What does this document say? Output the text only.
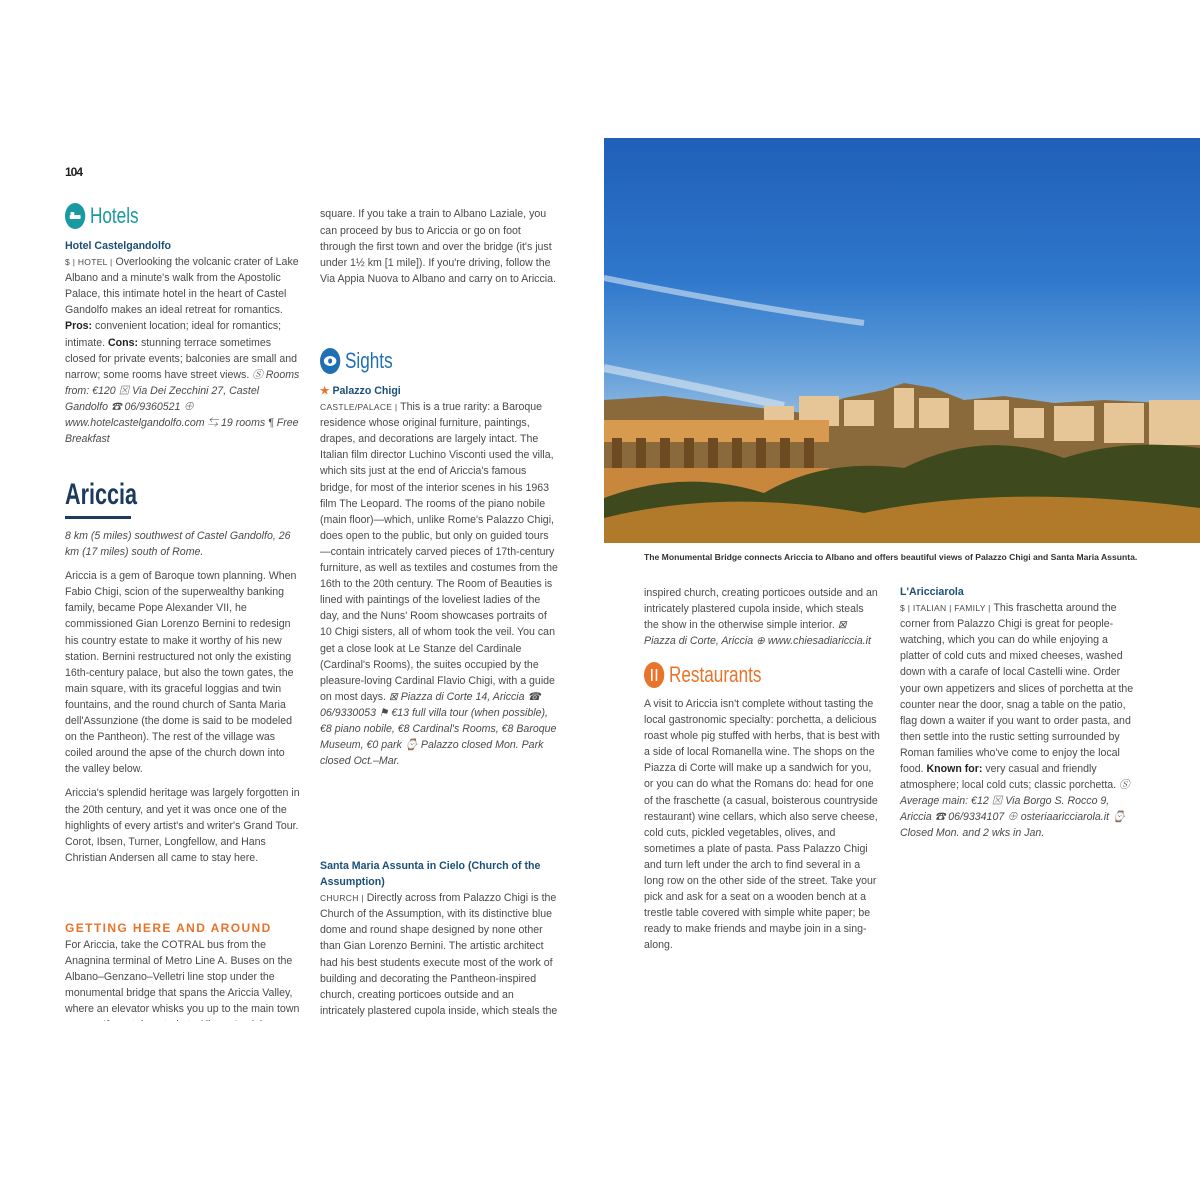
104
Hotels
Hotel Castelgandolfo
$ | HOTEL | Overlooking the volcanic crater of Lake Albano and a minute's walk from the Apostolic Palace, this intimate hotel in the heart of Castel Gandolfo makes an ideal retreat for romantics. Pros: convenient location; ideal for romantics; intimate. Cons: stunning terrace sometimes closed for private events; balconies are small and narrow; some rooms have street views. Ⓢ Rooms from: €120 ⊠ Via Dei Zecchini 27, Castel Gandolfo ☎ 06/9360521 ⊕ www.hotelcastelgandolfo.com ⇆ 19 rooms ¶ Free Breakfast
Ariccia

8 km (5 miles) southwest of Castel Gandolfo, 26 km (17 miles) south of Rome.

Ariccia is a gem of Baroque town planning. When Fabio Chigi, scion of the superwealthy banking family, became Pope Alexander VII, he commissioned Gian Lorenzo Bernini to redesign his country estate to make it worthy of his new station. Bernini restructured not only the existing 16th-century palace, but also the town gates, the main square, with its graceful loggias and twin fountains, and the round church of Santa Maria dell'Assunzione (the dome is said to be modeled on the Pantheon). The rest of the village was coiled around the apse of the church down into the valley below.

Ariccia's splendid heritage was largely forgotten in the 20th century, and yet it was once one of the highlights of every artist's and writer's Grand Tour. Corot, Ibsen, Turner, Longfellow, and Hans Christian Andersen all came to stay here.

GETTING HERE AND AROUND
For Ariccia, take the COTRAL bus from the Anagnina terminal of Metro Line A. Buses on the Albano–Genzano–Velletri line stop under the monumental bridge that spans the Ariccia Valley, where an elevator whisks you up to the main town
square. If you take a train to Albano Laziale, you can proceed by bus to Ariccia or go on foot through the first town and over the bridge (it's just under 1½ km [1 mile]). If you're driving, follow the Via Appia Nuova to Albano and carry on to Ariccia.
Sights
★ Palazzo Chigi
CASTLE/PALACE | This is a true rarity: a Baroque residence whose original furniture, paintings, drapes, and decorations are largely intact. The Italian film director Luchino Visconti used the villa, which sits just at the end of Ariccia's famous bridge, for most of the interior scenes in his 1963 film The Leopard. The rooms of the piano nobile (main floor)—which, unlike Rome's Palazzo Chigi, does open to the public, but only on guided tours—contain intricately carved pieces of 17th-century furniture, as well as textiles and costumes from the 16th to the 20th century. The Room of Beauties is lined with paintings of the loveliest ladies of the day, and the Nuns' Room showcases portraits of 10 Chigi sisters, all of whom took the veil. You can get a close look at Le Stanze del Cardinale (Cardinal's Rooms), the suites occupied by the pleasure-loving Cardinal Flavio Chigi, with a guide on most days. ⊠ Piazza di Corte 14, Ariccia ☎ 06/9330053 ⚑ €13 full villa tour (when possible), €8 piano nobile, €8 Cardinal's Rooms, €8 Baroque Museum, €0 park ⌚ Palazzo closed Mon. Park closed Oct.–Mar.
Santa Maria Assunta in Cielo (Church of the Assumption)
CHURCH | Directly across from Palazzo Chigi is the Church of the Assumption, with its distinctive blue dome and round shape designed by none other than Gian Lorenzo Bernini. The artistic architect had his best students execute most of the work of building and decorating the Pantheon-inspired church, creating porticoes outside and an intricately plastered cupola inside, which steals the
inspired church, creating porticoes outside and an intricately plastered cupola inside, which steals the show in the otherwise simple interior. ⊠ Piazza di Corte, Ariccia ⊕ www.chiesadiariccia.it
The Monumental Bridge connects Ariccia to Albano and offers beautiful views of Palazzo Chigi and Santa Maria Assunta.
Restaurants
A visit to Ariccia isn't complete without tasting the local gastronomic specialty: porchetta, a delicious roast whole pig stuffed with herbs, that is best with a side of local Romanella wine. The shops on the Piazza di Corte will make up a sandwich for you, or you can do what the Romans do: head for one of the fraschette (a casual, boisterous countryside restaurant) wine cellars, which also serve cheese, cold cuts, pickled vegetables, olives, and sometimes a plate of pasta. Pass Palazzo Chigi and turn left under the arch to find several in a long row on the other side of the street. Take your pick and ask for a seat on a wooden bench at a trestle table covered with simple white paper; be ready to make friends and maybe join in a sing-along.
L'Aricciarola
$ | ITALIAN | FAMILY | This fraschetta around the corner from Palazzo Chigi is great for people-watching, which you can do while enjoying a platter of cold cuts and mixed cheeses, washed down with a carafe of local Castelli wine. Order your own appetizers and slices of porchetta at the counter near the door, snag a table on the patio, flag down a waiter if you want to order pasta, and then settle into the rustic setting surrounded by Roman families who've come to enjoy the local food. Known for: very casual and friendly atmosphere; local cold cuts; classic porchetta. Ⓢ Average main: €12 ⊠ Via Borgo S. Rocco 9, Ariccia ☎ 06/9334107 ⊕ osteriaaricciarola.it ⌚ Closed Mon. and 2 wks in Jan.
